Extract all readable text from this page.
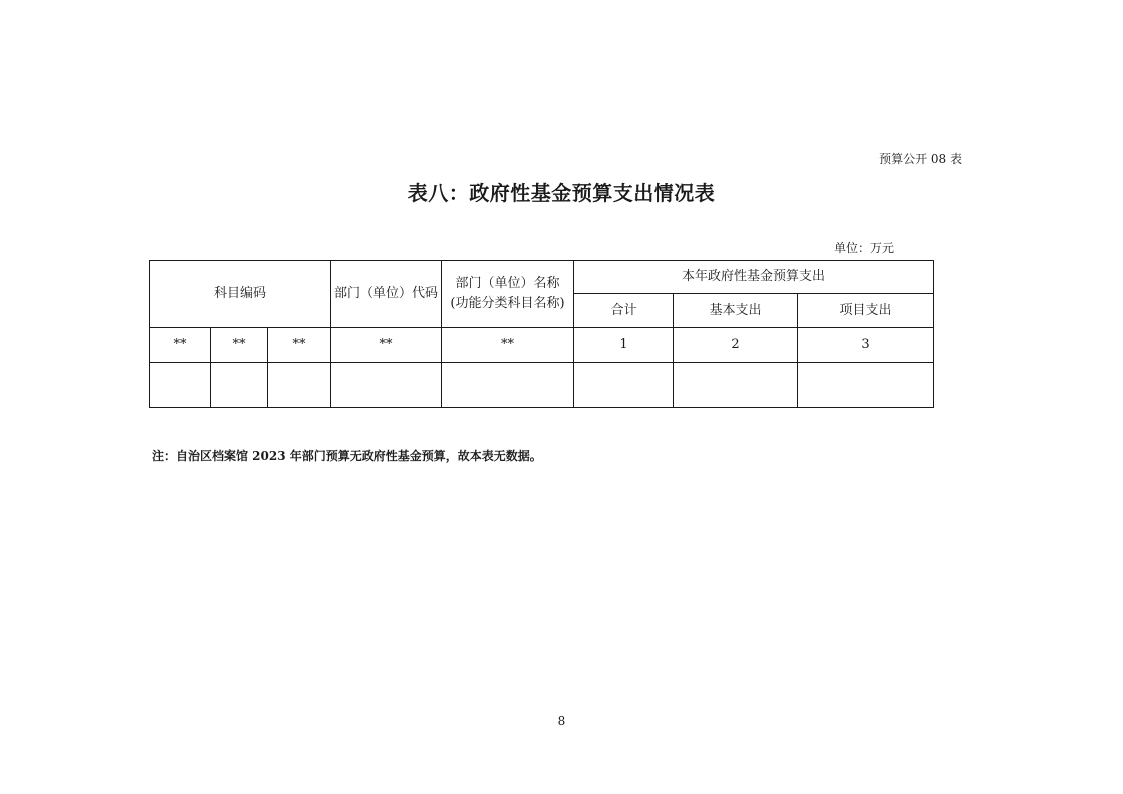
预算公开 08 表
表八：政府性基金预算支出情况表
单位：万元
科目编码			部门（单位）代码	部门（单位）名称
(功能分类科目名称)	本年政府性基金预算支出		
					合计	基本支出	项目支出
**	**	**	**	**	1	2	3

注：自治区档案馆 2023 年部门预算无政府性基金预算，故本表无数据。
8
